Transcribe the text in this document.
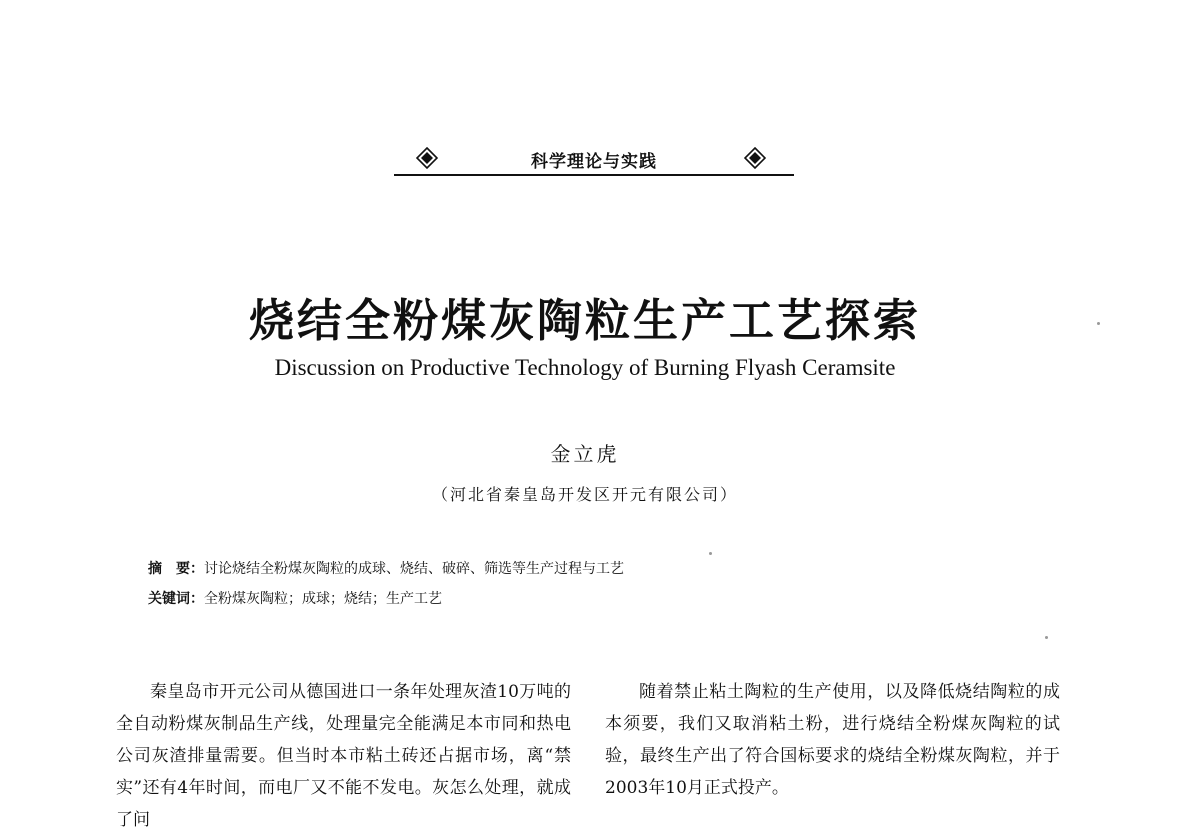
科学理论与实践
烧结全粉煤灰陶粒生产工艺探索
Discussion on Productive Technology of Burning Flyash Ceramsite
金立虎
（河北省秦皇岛开发区开元有限公司）
摘　要：讨论烧结全粉煤灰陶粒的成球、烧结、破碎、筛选等生产过程与工艺
关键词：全粉煤灰陶粒；成球；烧结；生产工艺

秦皇岛市开元公司从德国进口一条年处理灰渣10万吨的全自动粉煤灰制品生产线，处理量完全能满足本市同和热电公司灰渣排量需要。但当时本市粘土砖还占据市场，离“禁实”还有4年时间，而电厂又不能不发电。灰怎么处理，就成了问

随着禁止粘土陶粒的生产使用，以及降低烧结陶粒的成本须要，我们又取消粘土粉，进行烧结全粉煤灰陶粒的试验，最终生产出了符合国标要求的烧结全粉煤灰陶粒，并于2003年10月正式投产。
